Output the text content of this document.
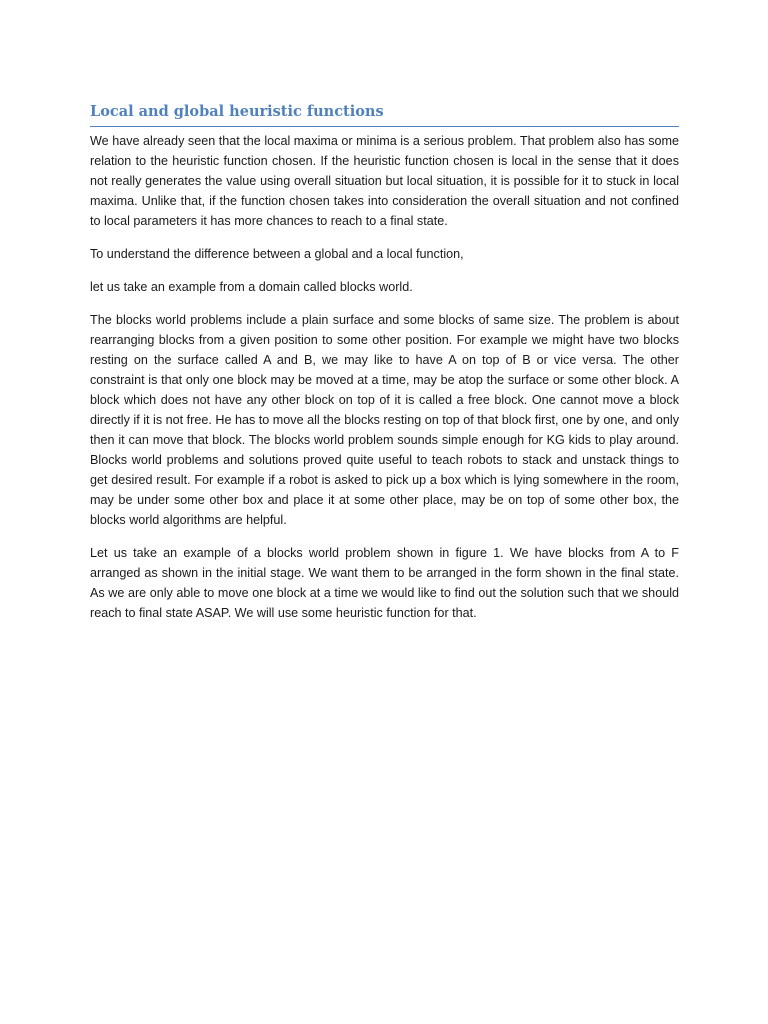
Local and global heuristic functions

We have already seen that the local maxima or minima is a serious problem. That problem also has some relation to the heuristic function chosen. If the heuristic function chosen is local in the sense that it does not really generates the value using overall situation but local situation, it is possible for it to stuck in local maxima. Unlike that, if the function chosen takes into consideration the overall situation and not confined to local parameters it has more chances to reach to a final state.

To understand the difference between a global and a local function,

let us take an example from a domain called blocks world.

The blocks world problems include a plain surface and some blocks of same size. The problem is about rearranging blocks from a given position to some other position. For example we might have two blocks resting on the surface called A and B, we may like to have A on top of B or vice versa. The other constraint is that only one block may be moved at a time, may be atop the surface or some other block. A block which does not have any other block on top of it is called a free block. One cannot move a block directly if it is not free. He has to move all the blocks resting on top of that block first, one by one, and only then it can move that block. The blocks world problem sounds simple enough for KG kids to play around. Blocks world problems and solutions proved quite useful to teach robots to stack and unstack things to get desired result. For example if a robot is asked to pick up a box which is lying somewhere in the room, may be under some other box and place it at some other place, may be on top of some other box, the blocks world algorithms are helpful.

Let us take an example of a blocks world problem shown in figure 1. We have blocks from A to F arranged as shown in the initial stage. We want them to be arranged in the form shown in the final state. As we are only able to move one block at a time we would like to find out the solution such that we should reach to final state ASAP. We will use some heuristic function for that.
